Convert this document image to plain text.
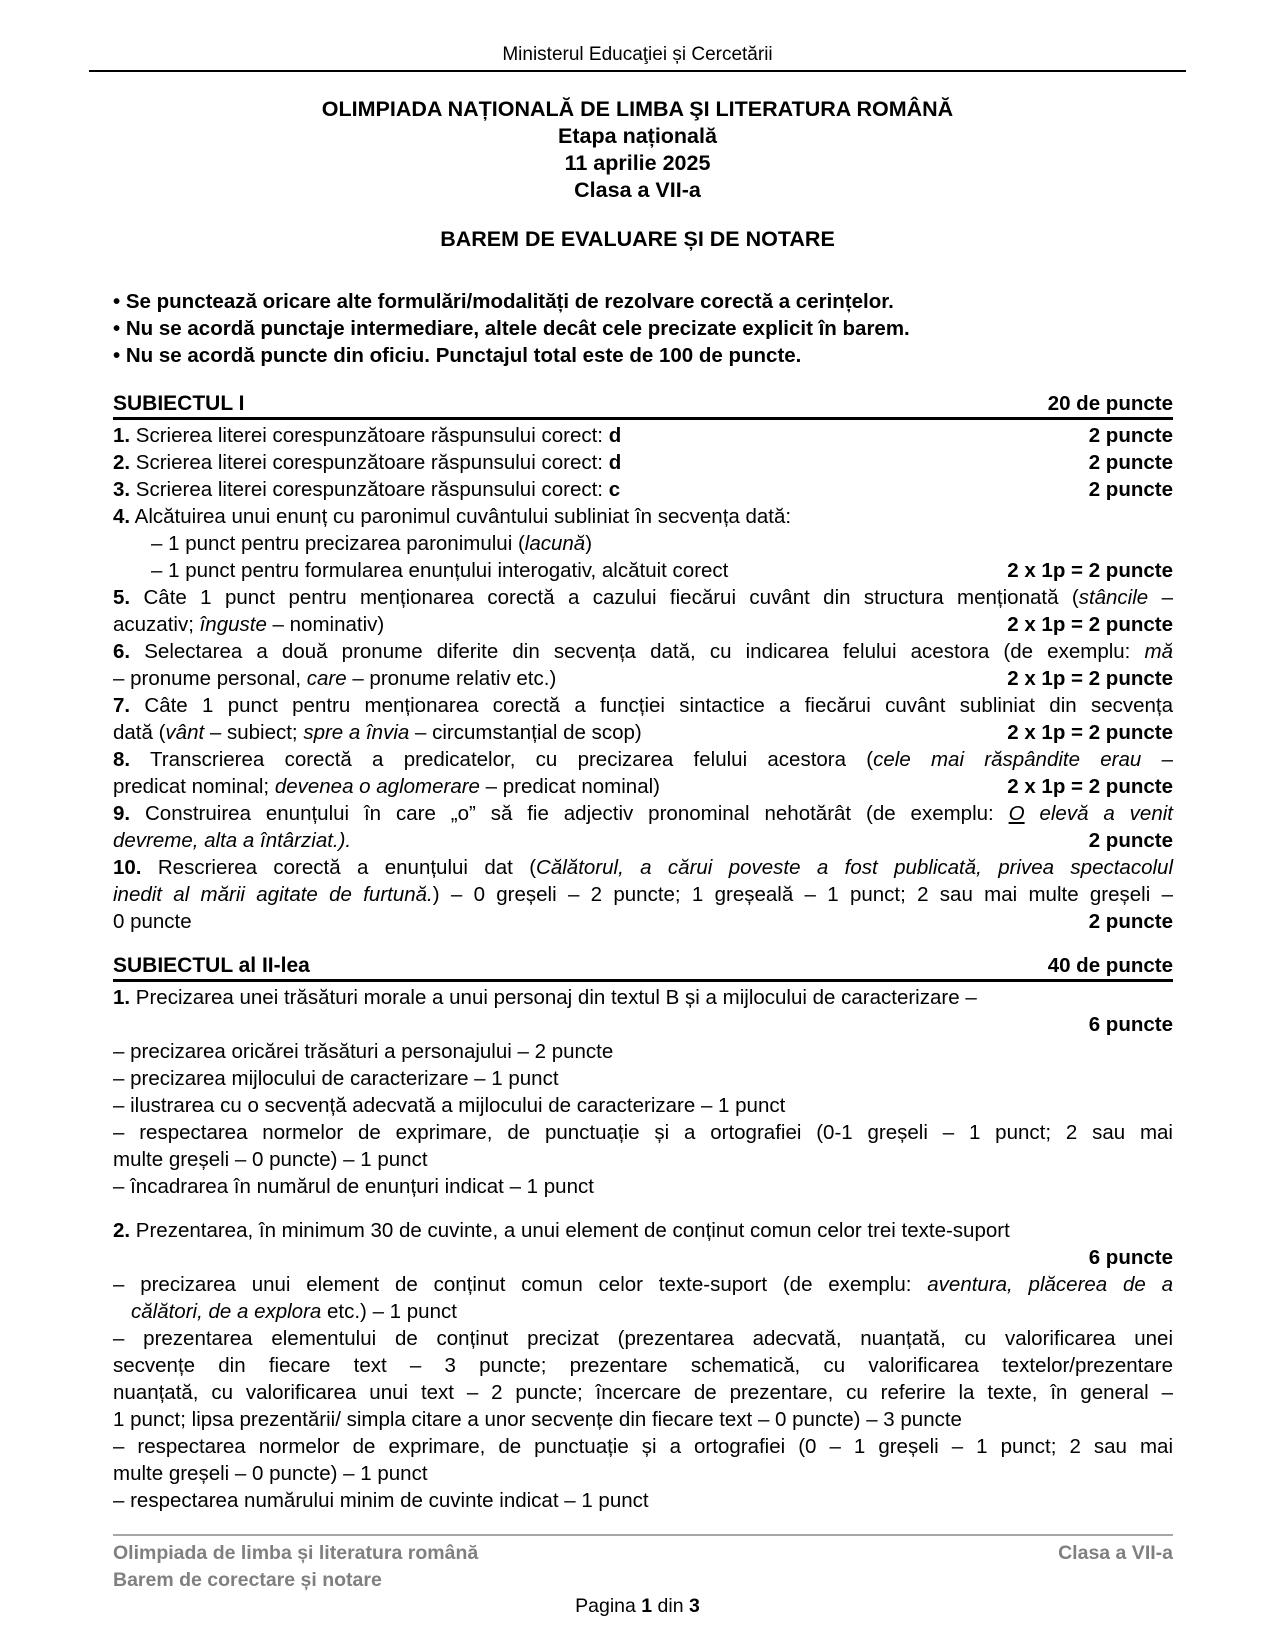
Ministerul Educaţiei și Cercetării
OLIMPIADA NAȚIONALĂ DE LIMBA ŞI LITERATURA ROMÂNĂ
Etapa națională
11 aprilie 2025
Clasa a VII-a
BAREM DE EVALUARE ȘI DE NOTARE
• Se punctează oricare alte formulări/modalități de rezolvare corectă a cerințelor.
• Nu se acordă punctaje intermediare, altele decât cele precizate explicit în barem.
• Nu se acordă puncte din oficiu. Punctajul total este de 100 de puncte.
SUBIECTUL I	20 de puncte
1. Scrierea literei corespunzătoare răspunsului corect: d	2 puncte
2. Scrierea literei corespunzătoare răspunsului corect: d	2 puncte
3. Scrierea literei corespunzătoare răspunsului corect: c	2 puncte
4. Alcătuirea unui enunț cu paronimul cuvântului subliniat în secvența dată:
– 1 punct pentru precizarea paronimului (lacună)
– 1 punct pentru formularea enunțului interogativ, alcătuit corect	2 x 1p = 2 puncte
5. Câte 1 punct pentru menționarea corectă a cazului fiecărui cuvânt din structura menționată (stâncile –
acuzativ; înguste – nominativ)	2 x 1p = 2 puncte
6. Selectarea a două pronume diferite din secvența dată, cu indicarea felului acestora (de exemplu: mă
– pronume personal, care – pronume relativ etc.)	2 x 1p = 2 puncte
7. Câte 1 punct pentru menționarea corectă a funcției sintactice a fiecărui cuvânt subliniat din secvența
dată (vânt – subiect; spre a învia – circumstanțial de scop)	2 x 1p = 2 puncte
8. Transcrierea corectă a predicatelor, cu precizarea felului acestora (cele mai răspândite erau –
predicat nominal; devenea o aglomerare – predicat nominal)	2 x 1p = 2 puncte
9. Construirea enunțului în care „o” să fie adjectiv pronominal nehotărât (de exemplu: O elevă a venit
devreme, alta a întârziat.).	2 puncte
10. Rescrierea corectă a enunțului dat (Călătorul, a cărui poveste a fost publicată, privea spectacolul
inedit al mării agitate de furtună.) – 0 greșeli – 2 puncte; 1 greșeală – 1 punct; 2 sau mai multe greșeli –
0 puncte	2 puncte
SUBIECTUL al II-lea	40 de puncte
1. Precizarea unei trăsături morale a unui personaj din textul B și a mijlocului de caracterizare –
6 puncte
– precizarea oricărei trăsături a personajului – 2 puncte
– precizarea mijlocului de caracterizare – 1 punct
– ilustrarea cu o secvență adecvată a mijlocului de caracterizare – 1 punct
– respectarea normelor de exprimare, de punctuație și a ortografiei (0-1 greșeli – 1 punct; 2 sau mai
multe greșeli – 0 puncte) – 1 punct
– încadrarea în numărul de enunțuri indicat – 1 punct
2. Prezentarea, în minimum 30 de cuvinte, a unui element de conținut comun celor trei texte-suport
6 puncte
– precizarea unui element de conținut comun celor texte-suport (de exemplu: aventura, plăcerea de a
călători, de a explora etc.) – 1 punct
– prezentarea elementului de conținut precizat (prezentarea adecvată, nuanțată, cu valorificarea unei
secvențe din fiecare text – 3 puncte; prezentare schematică, cu valorificarea textelor/prezentare
nuanțată, cu valorificarea unui text – 2 puncte; încercare de prezentare, cu referire la texte, în general –
1 punct; lipsa prezentării/ simpla citare a unor secvențe din fiecare text – 0 puncte) – 3 puncte
– respectarea normelor de exprimare, de punctuație și a ortografiei (0 – 1 greșeli – 1 punct; 2 sau mai
multe greșeli – 0 puncte) – 1 punct
– respectarea numărului minim de cuvinte indicat – 1 punct
Olimpiada de limba și literatura română	Clasa a VII-a
Barem de corectare și notare
Pagina 1 din 3
